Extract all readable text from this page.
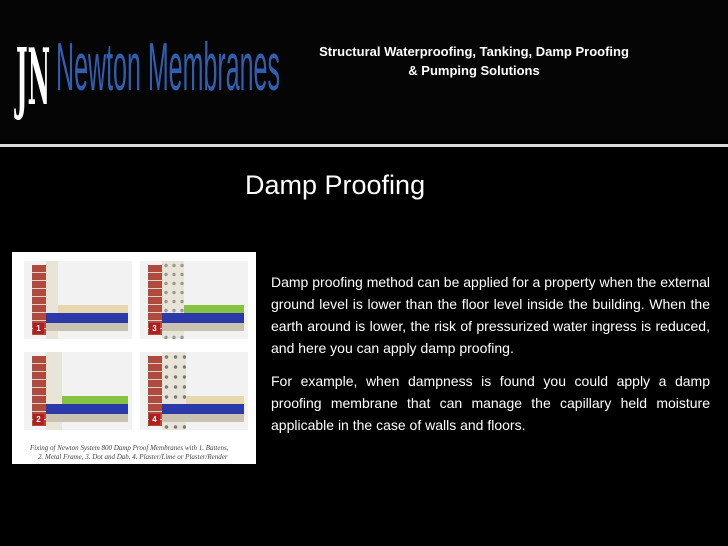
JN Newton Membranes	Structural Waterproofing, Tanking, Damp Proofing
& Pumping Solutions
Damp Proofing
1	3
2	4
Fixing of Newton System 800 Damp Proof Membranes with 1. Battens,
2. Metal Frame, 3. Dot and Dab, 4. Plaster/Lime or Plaster/Render

Damp proofing method can be applied for a property when the external ground level is lower than the floor level inside the building. When the earth around is lower, the risk of pressurized water ingress is reduced, and here you can apply damp proofing.

For example, when dampness is found you could apply a damp proofing membrane that can manage the capillary held moisture applicable in the case of walls and floors.
